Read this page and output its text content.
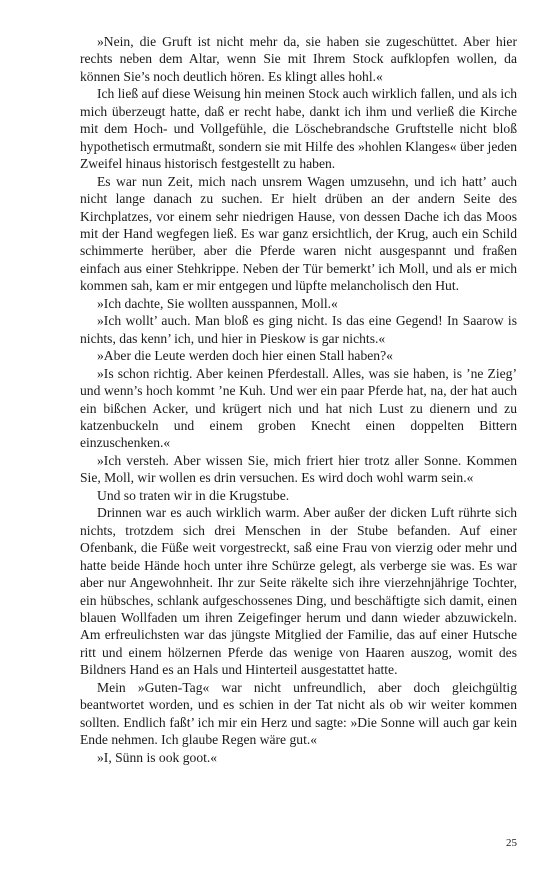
»Nein, die Gruft ist nicht mehr da, sie haben sie zugeschüttet. Aber hier rechts neben dem Altar, wenn Sie mit Ihrem Stock aufklopfen wollen, da können Sie’s noch deutlich hören. Es klingt alles hohl.«

Ich ließ auf diese Weisung hin meinen Stock auch wirklich fallen, und als ich mich überzeugt hatte, daß er recht habe, dankt ich ihm und verließ die Kirche mit dem Hoch- und Vollgefühle, die Löschebrandsche Gruftstelle nicht bloß hypothetisch ermutmaßt, sondern sie mit Hilfe des »hohlen Klanges« über jeden Zweifel hinaus historisch festgestellt zu haben.

Es war nun Zeit, mich nach unsrem Wagen umzusehn, und ich hatt’ auch nicht lange danach zu suchen. Er hielt drüben an der andern Seite des Kirchplatzes, vor einem sehr niedrigen Hause, von dessen Dache ich das Moos mit der Hand wegfegen ließ. Es war ganz ersichtlich, der Krug, auch ein Schild schimmerte herüber, aber die Pferde waren nicht ausgespannt und fraßen einfach aus einer Stehkrippe. Neben der Tür bemerkt’ ich Moll, und als er mich kommen sah, kam er mir entgegen und lüpfte melancholisch den Hut.

»Ich dachte, Sie wollten ausspannen, Moll.«

»Ich wollt’ auch. Man bloß es ging nicht. Is das eine Gegend! In Saarow is nichts, das kenn’ ich, und hier in Pieskow is gar nichts.«

»Aber die Leute werden doch hier einen Stall haben?«

»Is schon richtig. Aber keinen Pferdestall. Alles, was sie haben, is ’ne Zieg’ und wenn’s hoch kommt ’ne Kuh. Und wer ein paar Pferde hat, na, der hat auch ein bißchen Acker, und krügert nich und hat nich Lust zu dienern und zu katzenbuckeln und einem groben Knecht einen doppelten Bittern einzuschenken.«

»Ich versteh. Aber wissen Sie, mich friert hier trotz aller Sonne. Kommen Sie, Moll, wir wollen es drin versuchen. Es wird doch wohl warm sein.«

Und so traten wir in die Krugstube.

Drinnen war es auch wirklich warm. Aber außer der dicken Luft rührte sich nichts, trotzdem sich drei Menschen in der Stube befanden. Auf einer Ofenbank, die Füße weit vorgestreckt, saß eine Frau von vierzig oder mehr und hatte beide Hände hoch unter ihre Schürze gelegt, als verberge sie was. Es war aber nur Angewohnheit. Ihr zur Seite räkelte sich ihre vierzehnjährige Tochter, ein hübsches, schlank aufgeschossenes Ding, und beschäftigte sich damit, einen blauen Wollfaden um ihren Zeigefinger herum und dann wieder abzuwickeln. Am erfreulichsten war das jüngste Mitglied der Familie, das auf einer Hutsche ritt und einem hölzernen Pferde das wenige von Haaren auszog, womit des Bildners Hand es an Hals und Hinterteil ausgestattet hatte.

Mein »Guten-Tag« war nicht unfreundlich, aber doch gleichgültig beantwortet worden, und es schien in der Tat nicht als ob wir weiter kommen sollten. Endlich faßt’ ich mir ein Herz und sagte: »Die Sonne will auch gar kein Ende nehmen. Ich glaube Regen wäre gut.«

»I, Sünn is ook goot.«

25
